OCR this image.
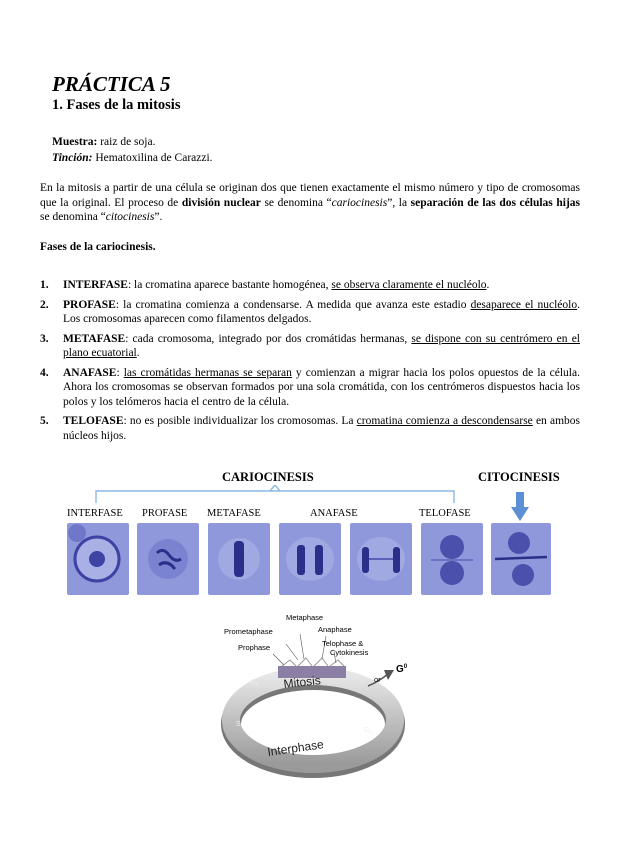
PRÁCTICA 5
1. Fases de la mitosis
Muestra: raiz de soja.
Tinción: Hematoxilina de Carazzi.
En la mitosis a partir de una célula se originan dos que tienen exactamente el mismo número y tipo de cromosomas que la original. El proceso de división nuclear se denomina “cariocinesis”, la separación de las dos células hijas se denomina “citocinesis”.
Fases de la cariocinesis.
1. INTERFASE: la cromatina aparece bastante homogénea, se observa claramente el nucléolo.
2. PROFASE: la cromatina comienza a condensarse. A medida que avanza este estadio desaparece el nucléolo. Los cromosomas aparecen como filamentos delgados.
3. METAFASE: cada cromosoma, integrado por dos cromátidas hermanas, se dispone con su centrómero en el plano ecuatorial.
4. ANAFASE: las cromátidas hermanas se separan y comienzan a migrar hacia los polos opuestos de la célula. Ahora los cromosomas se observan formados por una sola cromátida, con los centrómeros dispuestos hacia los polos y los telómeros hacia el centro de la célula.
5. TELOFASE: no es posible individualizar los cromosomas. La cromatina comienza a descondensarse en ambos núcleos hijos.
CARIOCINESIS	CITOCINESIS
INTERFASE PROFASE METAFASE	ANAFASE	TELOFASE
Metaphase
Prometaphase	Anaphase
Prophase	Telophase &
Cytokinesis
Mitosis
Interphase
or
$G^0$
$G_2$
S
$G_1$
